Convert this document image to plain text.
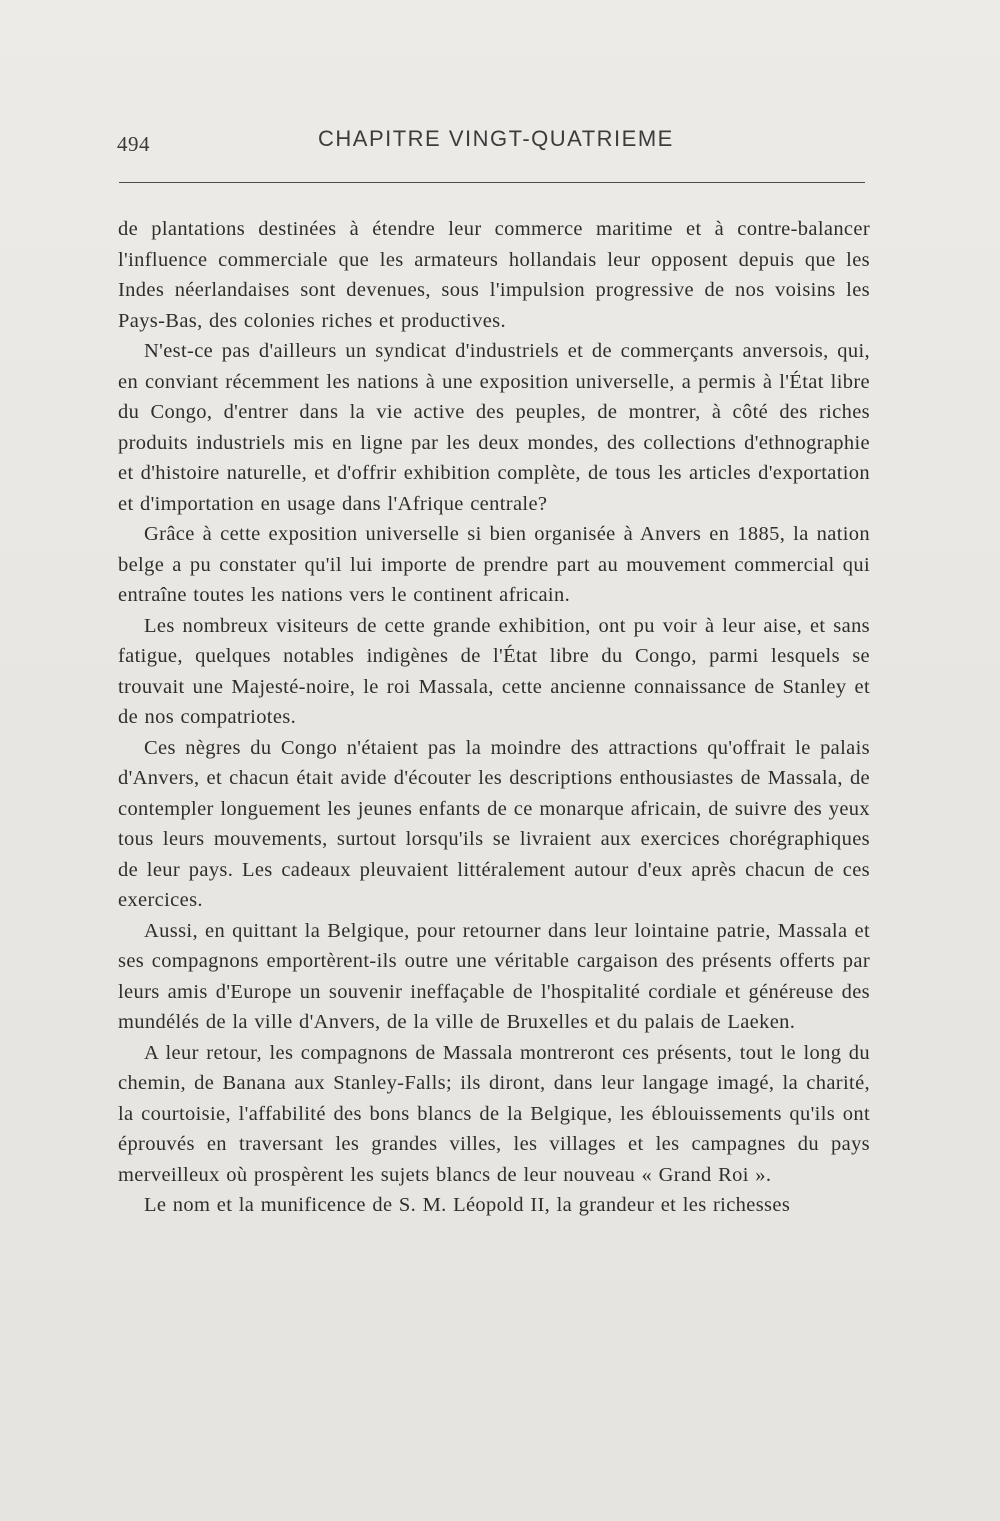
494	CHAPITRE VINGT-QUATRIEME

de plantations destinées à étendre leur commerce maritime et à contre-balancer l'influence commerciale que les armateurs hollandais leur opposent depuis que les Indes néerlandaises sont devenues, sous l'impulsion progressive de nos voisins les Pays-Bas, des colonies riches et productives.

N'est-ce pas d'ailleurs un syndicat d'industriels et de commerçants anversois, qui, en conviant récemment les nations à une exposition universelle, a permis à l'État libre du Congo, d'entrer dans la vie active des peuples, de montrer, à côté des riches produits industriels mis en ligne par les deux mondes, des collections d'ethnographie et d'histoire naturelle, et d'offrir exhibition complète, de tous les articles d'exportation et d'importation en usage dans l'Afrique centrale?

Grâce à cette exposition universelle si bien organisée à Anvers en 1885, la nation belge a pu constater qu'il lui importe de prendre part au mouvement commercial qui entraîne toutes les nations vers le continent africain.

Les nombreux visiteurs de cette grande exhibition, ont pu voir à leur aise, et sans fatigue, quelques notables indigènes de l'État libre du Congo, parmi lesquels se trouvait une Majesté-noire, le roi Massala, cette ancienne connaissance de Stanley et de nos compatriotes.

Ces nègres du Congo n'étaient pas la moindre des attractions qu'offrait le palais d'Anvers, et chacun était avide d'écouter les descriptions enthousiastes de Massala, de contempler longuement les jeunes enfants de ce monarque africain, de suivre des yeux tous leurs mouvements, surtout lorsqu'ils se livraient aux exercices chorégraphiques de leur pays. Les cadeaux pleuvaient littéralement autour d'eux après chacun de ces exercices.

Aussi, en quittant la Belgique, pour retourner dans leur lointaine patrie, Massala et ses compagnons emportèrent-ils outre une véritable cargaison des présents offerts par leurs amis d'Europe un souvenir ineffaçable de l'hospitalité cordiale et généreuse des mundélés de la ville d'Anvers, de la ville de Bruxelles et du palais de Laeken.

A leur retour, les compagnons de Massala montreront ces présents, tout le long du chemin, de Banana aux Stanley-Falls; ils diront, dans leur langage imagé, la charité, la courtoisie, l'affabilité des bons blancs de la Belgique, les éblouissements qu'ils ont éprouvés en traversant les grandes villes, les villages et les campagnes du pays merveilleux où prospèrent les sujets blancs de leur nouveau « Grand Roi ».

Le nom et la munificence de S. M. Léopold II, la grandeur et les richesses
